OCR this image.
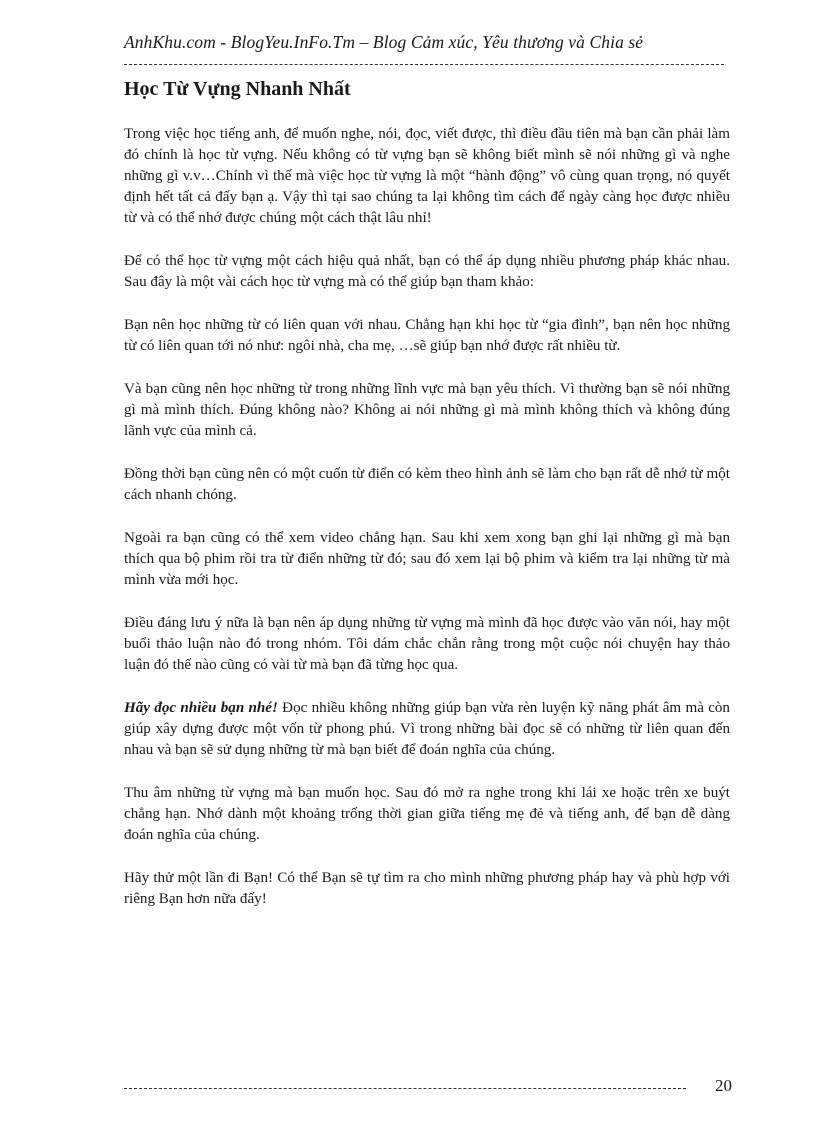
AnhKhu.com - BlogYeu.InFo.Tm – Blog Cảm xúc, Yêu thương và Chia sẻ
Học Từ Vựng Nhanh Nhất

Trong việc học tiếng anh, để muốn nghe, nói, đọc, viết được, thì điều đầu tiên mà bạn cần phải làm đó chính là học từ vựng. Nếu không có từ vựng bạn sẽ không biết mình sẽ nói những gì và nghe những gì v.v…Chính vì thế mà việc học từ vựng là một “hành động” vô cùng quan trọng, nó quyết định hết tất cả đấy bạn ạ. Vậy thì tại sao chúng ta lại không tìm cách để ngày càng học được nhiều từ và có thể nhớ được chúng một cách thật lâu nhỉ!

Để có thể học từ vựng một cách hiệu quả nhất, bạn có thể áp dụng nhiều phương pháp khác nhau. Sau đây là một vài cách học từ vựng mà có thể giúp bạn tham khảo:

Bạn nên học những từ có liên quan với nhau. Chẳng hạn khi học từ “gia đình”, bạn nên học những từ có liên quan tới nó như: ngôi nhà, cha mẹ, …sẽ giúp bạn nhớ được rất nhiều từ.

Và bạn cũng nên học những từ trong những lĩnh vực mà bạn yêu thích. Vì thường bạn sẽ nói những gì mà mình thích. Đúng không nào? Không ai nói những gì mà mình không thích và không đúng lãnh vực của mình cả.

Đồng thời bạn cũng nên có một cuốn từ điển có kèm theo hình ảnh sẽ làm cho bạn rất dễ nhớ từ một cách nhanh chóng.

Ngoài ra bạn cũng có thể xem video chẳng hạn. Sau khi xem xong bạn ghi lại những gì mà bạn thích qua bộ phim rồi tra từ điển những từ đó; sau đó xem lại bộ phim và kiểm tra lại những từ mà mình vừa mới học.

Điều đáng lưu ý nữa là bạn nên áp dụng những từ vựng mà mình đã học được vào văn nói, hay một buổi thảo luận nào đó trong nhóm. Tôi dám chắc chắn rằng trong một cuộc nói chuyện hay thảo luận đó thế nào cũng có vài từ mà bạn đã từng học qua.

Hãy đọc nhiều bạn nhé! Đọc nhiều không những giúp bạn vừa rèn luyện kỹ năng phát âm mà còn giúp xây dựng được một vốn từ phong phú. Vì trong những bài đọc sẽ có những từ liên quan đến nhau và bạn sẽ sử dụng những từ mà bạn biết để đoán nghĩa của chúng.

Thu âm những từ vựng mà bạn muốn học. Sau đó mở ra nghe trong khi lái xe hoặc trên xe buýt chẳng hạn. Nhớ dành một khoảng trống thời gian giữa tiếng mẹ đẻ và tiếng anh, để bạn dễ dàng đoán nghĩa của chúng.

Hãy thử một lần đi Bạn! Có thể Bạn sẽ tự tìm ra cho mình những phương pháp hay và phù hợp với riêng Bạn hơn nữa đấy!

20
